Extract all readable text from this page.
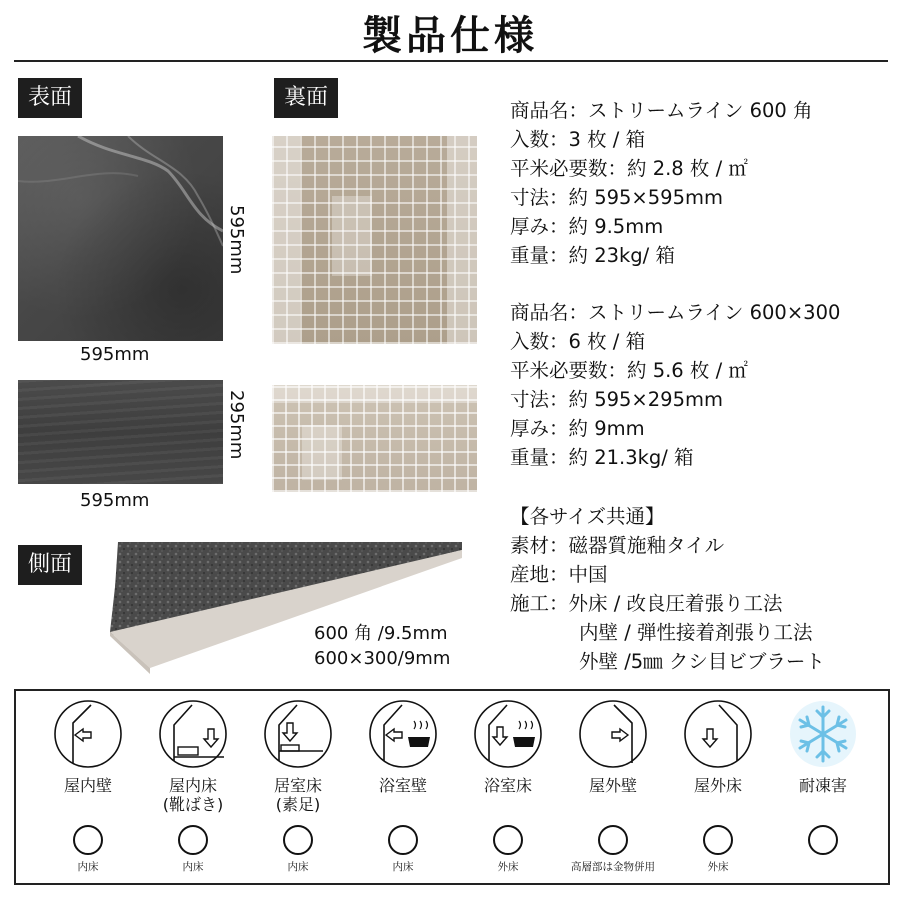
製品仕様
表面	裏面
側面
595mm
595mm
295mm
595mm
600 角 /9.5mm
600×300/9mm
商品名：ストリームライン 600 角
入数：3 枚 / 箱
平米必要数：約 2.8 枚 / ㎡
寸法：約 595×595mm
厚み：約 9.5mm
重量：約 23kg/ 箱
商品名：ストリームライン 600×300
入数：6 枚 / 箱
平米必要数：約 5.6 枚 / ㎡
寸法：約 595×295mm
厚み：約 9mm
重量：約 21.3kg/ 箱
【各サイズ共通】
素材：磁器質施釉タイル
産地：中国
施工：外床 / 改良圧着張り工法
内壁 / 弾性接着剤張り工法
外壁 /5㎜ クシ目ビブラート
屋内壁
内床
屋内床
(靴ばき)
内床
居室床
(素足)
内床
浴室壁
内床
浴室床
外床
屋外壁
高層部は金物併用
屋外床
外床
耐凍害
